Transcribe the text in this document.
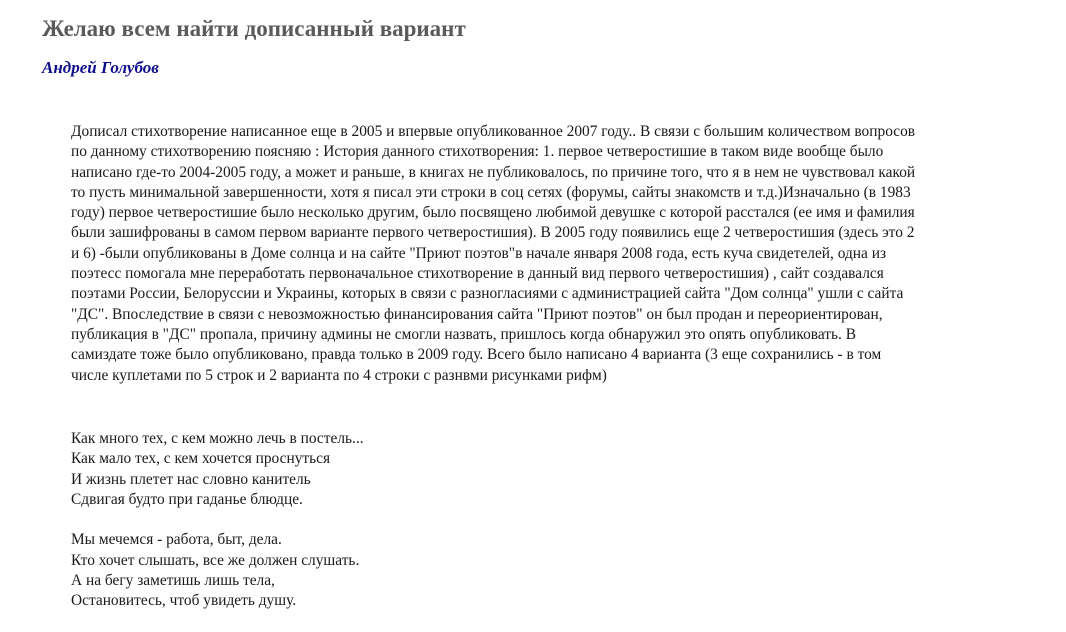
Желаю всем найти дописанный вариант
Андрей Голубов
Дописал стихотворение написанное еще в 2005 и впервые опубликованное 2007 году.. В связи с большим количеством вопросов
по данному стихотворению поясняю : История данного стихотворения: 1. первое четверостишие в таком виде вообще было
написано где-то 2004-2005 году, а может и раньше, в книгах не публиковалось, по причине того, что я в нем не чувствовал какой
то пусть минимальной завершенности, хотя я писал эти строки в соц сетях (форумы, сайты знакомств и т.д.)Изначально (в 1983
году) первое четверостишие было несколько другим, было посвящено любимой девушке с которой расстался (ее имя и фамилия
были зашифрованы в самом первом варианте первого четверостишия). В 2005 году появились еще 2 четверостишия (здесь это 2
и 6) -были опубликованы в Доме солнца и на сайте "Приют поэтов"в начале января 2008 года, есть куча свидетелей, одна из
поэтесс помогала мне переработать первоначальное стихотворение в данный вид первого четверостишия) , сайт создавался
поэтами России, Белоруссии и Украины, которых в связи с разногласиями с администрацией сайта "Дом солнца" ушли с сайта
"ДС". Впоследствие в связи с невозможностью финансирования сайта "Приют поэтов" он был продан и переориентирован,
публикация в "ДС" пропала, причину админы не смогли назвать, пришлось когда обнаружил это опять опубликовать. В
самиздате тоже было опубликовано, правда только в 2009 году. Всего было написано 4 варианта (3 еще сохранились - в том
числе куплетами по 5 строк и 2 варианта по 4 строки с разнвми рисунками рифм)
Как много тех, с кем можно лечь в постель...
Как мало тех, с кем хочется проснуться
И жизнь плетет нас словно канитель
Сдвигая будто при гаданье блюдце.
Мы мечемся - работа, быт, дела.
Кто хочет слышать, все же должен слушать.
А на бегу заметишь лишь тела,
Остановитесь, чтоб увидеть душу.
